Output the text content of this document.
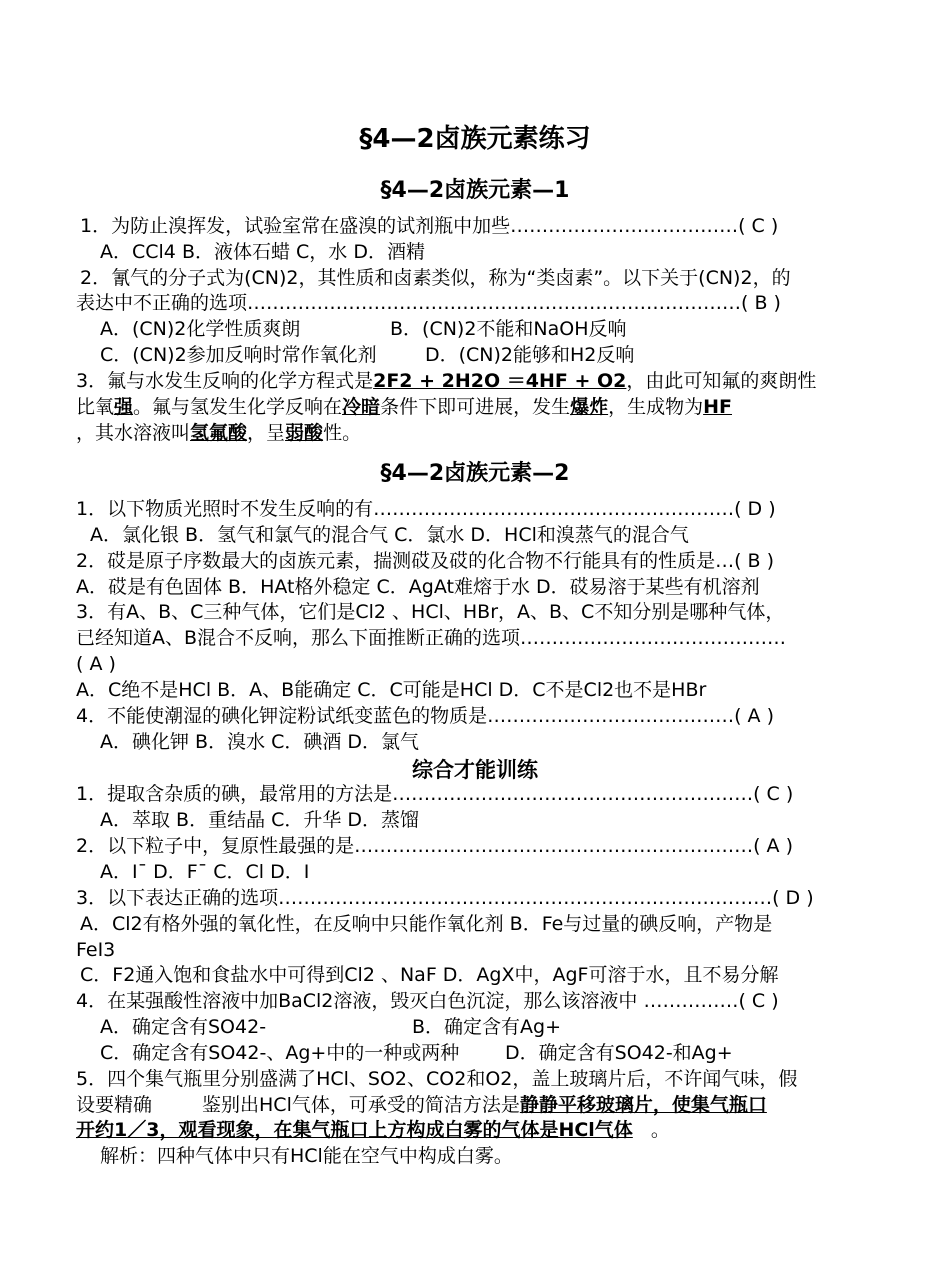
§4—2卤族元素练习
§4—2卤族元素—1
1．为防止溴挥发，试验室常在盛溴的试剂瓶中加些………………………………( C )
A．CCl4 B．液体石蜡 C，水 D．酒精
2．氰气的分子式为(CN)2，其性质和卤素类似，称为“类卤素”。以下关于(CN)2，的
表达中不正确的选项……………………………………………………………………( B )
A．(CN)2化学性质爽朗	B．(CN)2不能和NaOH反响
C．(CN)2参加反响时常作氧化剂	D．(CN)2能够和H2反响
3．氟与水发生反响的化学方程式是2F2 + 2H2O ＝4HF + O2，由此可知氟的爽朗性
比氧强。氟与氢发生化学反响在冷暗条件下即可进展，发生爆炸，生成物为HF
，其水溶液叫氢氟酸，呈弱酸性。
§4—2卤族元素—2
1．以下物质光照时不发生反响的有…………………………………………………( D )
A．氯化银 B．氢气和氯气的混合气 C．氯水 D．HCl和溴蒸气的混合气
2．砹是原子序数最大的卤族元素，揣测砹及砹的化合物不行能具有的性质是…( B )
A．砹是有色固体 B．HAt格外稳定 C．AgAt难熔于水 D．砹易溶于某些有机溶剂
3．有A、B、C三种气体，它们是Cl2 、HCl、HBr，A、B、C不知分别是哪种气体，
已经知道A、B混合不反响，那么下面推断正确的选项……………………………………
( A )
A．C绝不是HCl B．A、B能确定 C．C可能是HCl D．C不是Cl2也不是HBr
4．不能使潮湿的碘化钾淀粉试纸变蓝色的物质是…………………………………( A )
A．碘化钾 B．溴水 C．碘酒 D．氯气
综合才能训练
1．提取含杂质的碘，最常用的方法是…………………………………………………( C )
A．萃取 B．重结晶 C．升华 D．蒸馏
2．以下粒子中，复原性最强的是………………………………………………………( A )
A．I¯ D．F¯ C．Cl D．I
3．以下表达正确的选项……………………………………………………………………( D )
A．Cl2有格外强的氧化性，在反响中只能作氧化剂 B．Fe与过量的碘反响，产物是
FeI3
C．F2通入饱和食盐水中可得到Cl2 、NaF D．AgX中，AgF可溶于水，且不易分解
4．在某强酸性溶液中加BaCl2溶液，毁灭白色沉淀，那么该溶液中 ……………( C )
A．确定含有SO42-	B．确定含有Ag+
C．确定含有SO42-、Ag+中的一种或两种 D．确定含有SO42-和Ag+
5．四个集气瓶里分别盛满了HCl、SO2、CO2和O2，盖上玻璃片后，不许闻气味，假
设要精确	鉴别出HCl气体，可承受的简洁方法是静静平移玻璃片，使集气瓶口
开约1／3，观看现象，在集气瓶口上方构成白雾的气体是HCl气体 。
解析：四种气体中只有HCl能在空气中构成白雾。
